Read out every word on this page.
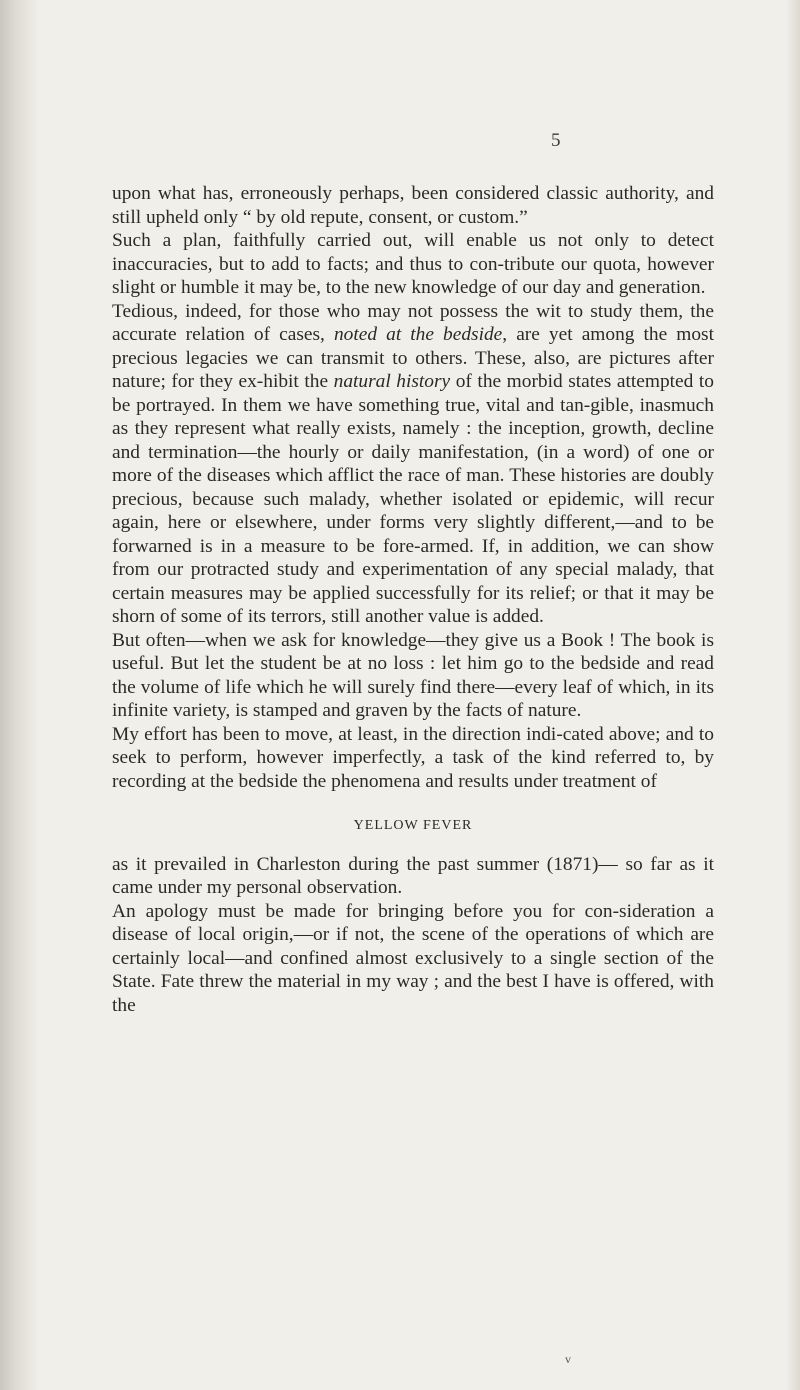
5

upon what has, erroneously perhaps, been considered classic authority, and still upheld only “ by old repute, consent, or custom.”

Such a plan, faithfully carried out, will enable us not only to detect inaccuracies, but to add to facts; and thus to con-tribute our quota, however slight or humble it may be, to the new knowledge of our day and generation.

Tedious, indeed, for those who may not possess the wit to study them, the accurate relation of cases, noted at the bedside, are yet among the most precious legacies we can transmit to others. These, also, are pictures after nature; for they ex-hibit the natural history of the morbid states attempted to be portrayed. In them we have something true, vital and tan-gible, inasmuch as they represent what really exists, namely : the inception, growth, decline and termination—the hourly or daily manifestation, (in a word) of one or more of the diseases which afflict the race of man. These histories are doubly precious, because such malady, whether isolated or epidemic, will recur again, here or elsewhere, under forms very slightly different,—and to be forwarned is in a measure to be fore-armed. If, in addition, we can show from our protracted study and experimentation of any special malady, that certain measures may be applied successfully for its relief; or that it may be shorn of some of its terrors, still another value is added.

But often—when we ask for knowledge—they give us a Book ! The book is useful. But let the student be at no loss : let him go to the bedside and read the volume of life which he will surely find there—every leaf of which, in its infinite variety, is stamped and graven by the facts of nature.

My effort has been to move, at least, in the direction indi-cated above; and to seek to perform, however imperfectly, a task of the kind referred to, by recording at the bedside the phenomena and results under treatment of

YELLOW FEVER

as it prevailed in Charleston during the past summer (1871)— so far as it came under my personal observation.

An apology must be made for bringing before you for con-sideration a disease of local origin,—or if not, the scene of the operations of which are certainly local—and confined almost exclusively to a single section of the State. Fate threw the material in my way ; and the best I have is offered, with the

v
